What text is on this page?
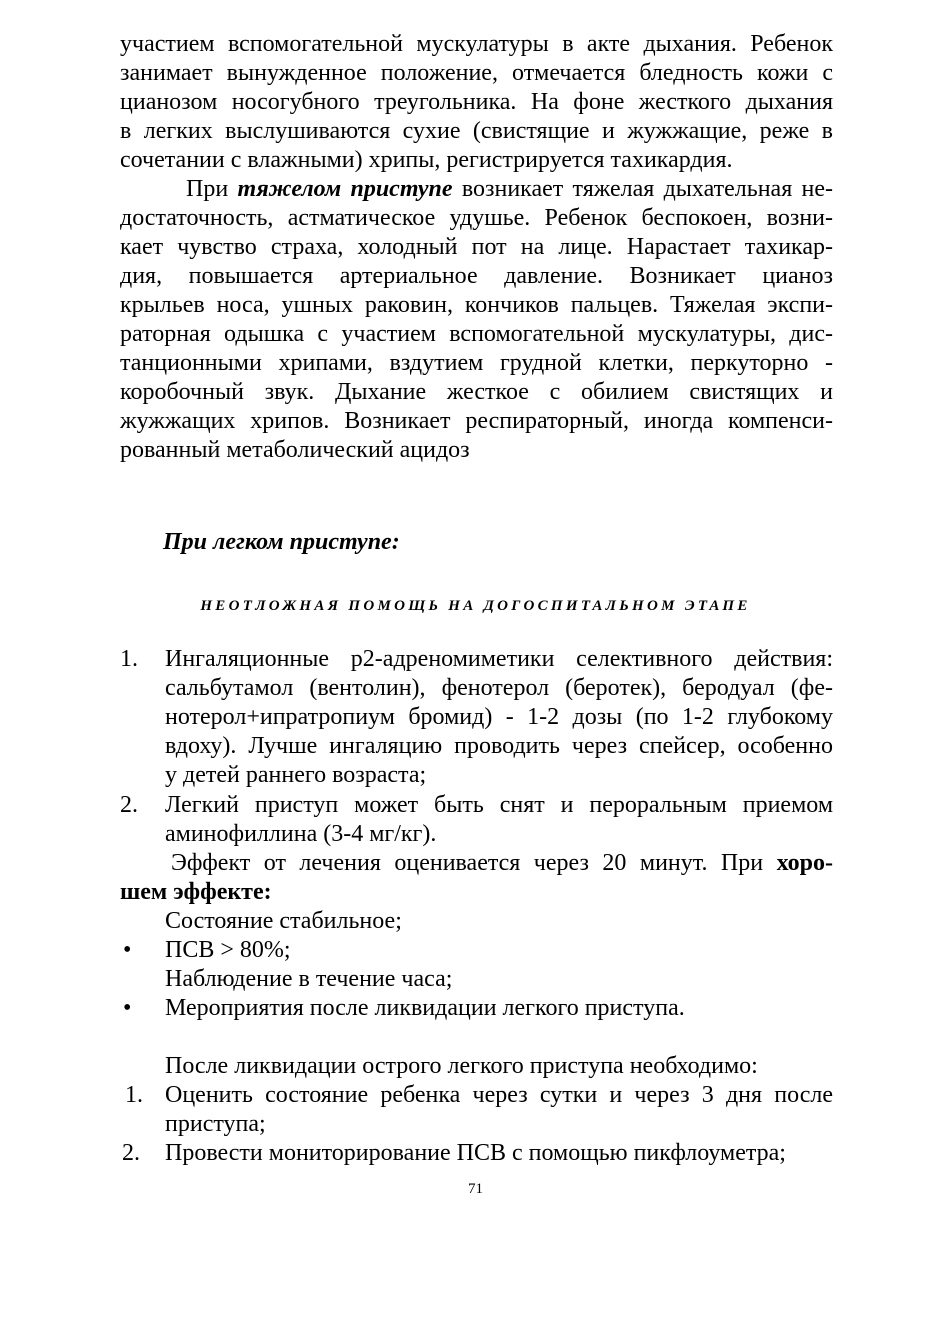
участием вспомогательной мускулатуры в акте дыхания. Ребенок
занимает вынужденное положение, отмечается бледность кожи с
цианозом носогубного треугольника. На фоне жесткого дыхания
в легких выслушиваются сухие (свистящие и жужжащие, реже в
сочетании с влажными) хрипы, регистрируется тахикардия.
При тяжелом приступе возникает тяжелая дыхательная не-
достаточность, астматическое удушье. Ребенок беспокоен, возни-
кает чувство страха, холодный пот на лице. Нарастает тахикар-
дия, повышается артериальное давление. Возникает цианоз
крыльев носа, ушных раковин, кончиков пальцев. Тяжелая экспи-
раторная одышка с участием вспомогательной мускулатуры, дис-
танционными хрипами, вздутием грудной клетки, перкуторно -
коробочный звук. Дыхание жесткое с обилием свистящих и
жужжащих хрипов. Возникает респираторный, иногда компенси-
рованный метаболический ацидоз
При легком приступе:
НЕОТЛОЖНАЯ ПОМОЩЬ НА ДОГОСПИТАЛЬНОМ ЭТАПЕ
1. Ингаляционные р2-адреномиметики селективного действия:
сальбутамол (вентолин), фенотерол (беротек), беродуал (фе-
нотерол+ипратропиум бромид) - 1-2 дозы (по 1-2 глубокому
вдоху). Лучше ингаляцию проводить через спейсер, особенно
у детей раннего возраста;
2. Легкий приступ может быть снят и пероральным приемом
аминофиллина (3-4 мг/кг).
Эффект от лечения оценивается через 20 минут. При хоро-
шем эффекте:
Состояние стабильное;
• ПСВ > 80%;
Наблюдение в течение часа;
• Мероприятия после ликвидации легкого приступа.
После ликвидации острого легкого приступа необходимо:
1. Оценить состояние ребенка через сутки и через 3 дня после
приступа;
2. Провести мониторирование ПСВ с помощью пикфлоуметра;
71
